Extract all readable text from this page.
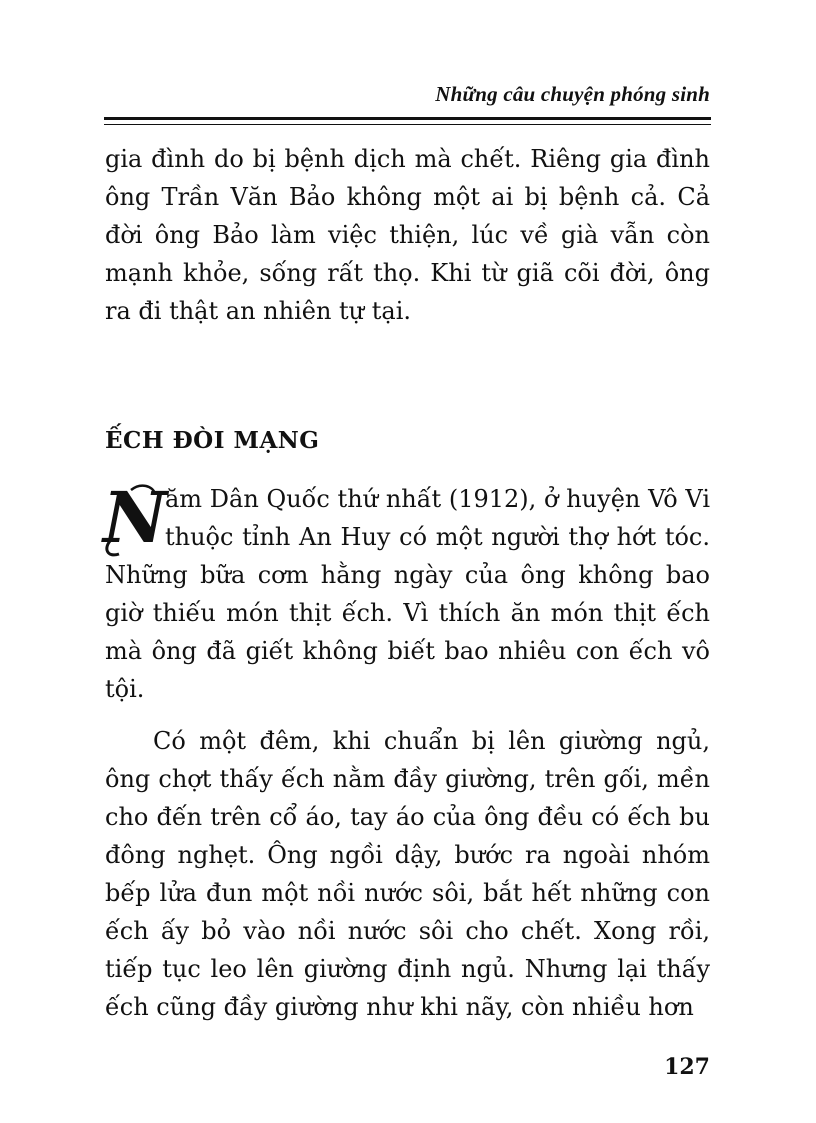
Những câu chuyện phóng sinh
gia đình do bị bệnh dịch mà chết. Riêng gia đình ông Trần Văn Bảo không một ai bị bệnh cả. Cả đời ông Bảo làm việc thiện, lúc về già vẫn còn mạnh khỏe, sống rất thọ. Khi từ giã cõi đời, ông ra đi thật an nhiên tự tại.
ẾCH ĐÒI MẠNG
N
ăm Dân Quốc thứ nhất (1912), ở huyện Vô Vi thuộc tỉnh An Huy có một người thợ hớt tóc. Những bữa cơm hằng ngày của ông không bao giờ thiếu món thịt ếch. Vì thích ăn món thịt ếch mà ông đã giết không biết bao nhiêu con ếch vô tội.
Có một đêm, khi chuẩn bị lên giường ngủ, ông chợt thấy ếch nằm đầy giường, trên gối, mền cho đến trên cổ áo, tay áo của ông đều có ếch bu đông nghẹt. Ông ngồi dậy, bước ra ngoài nhóm bếp lửa đun một nồi nước sôi, bắt hết những con ếch ấy bỏ vào nồi nước sôi cho chết. Xong rồi, tiếp tục leo lên giường định ngủ. Nhưng lại thấy ếch cũng đầy giường như khi nãy, còn nhiều hơn
127
